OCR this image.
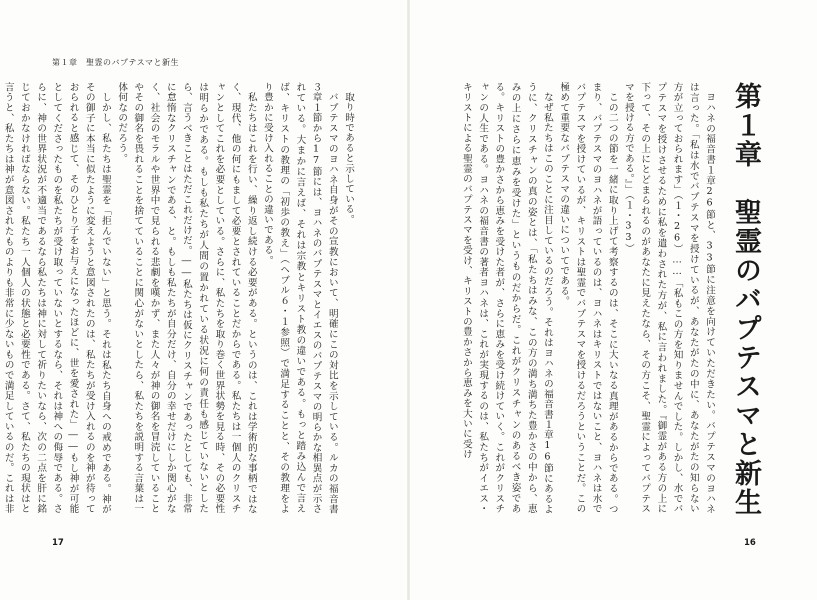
第１章　聖霊のバプテスマと新生

取り時であると示している。

バプテスマのヨハネ自身がその宣教において、明確にこの対比を示している。ルカの福音書３章１節から17節には、ヨハネのバプテスマとイエスのバプテスマの明らかな相異点が示されている。大まかに言えば、それは宗教とキリスト教の違いである。もっと踏み込んで言えば、キリストの教理の「初歩の教え」（ヘブル６・１参照）で満足することと、その教理をより豊かに受け入れることの違いである。

私たちはこれを行い、繰り返し続ける必要がある。というのは、これは学術的な事柄ではなく、現代、他の何にもまして必要とされていることだからである。私たちは一個人のクリスチャンとしてこれを必要としている。さらに、私たちを取り巻く世界状勢を見る時、その必要性は明らかである。もしも私たちが人間の置かれている状況に何の責任も感じていないとしたら、言うべきことはただこれだけだ。――私たちは仮にクリスチャンであったとしても、非常に怠惰なクリスチャンである、と。もしも私たちが自分だけ、自分の幸せだけにしか関心がなく、社会のモラルや世界中で見られる悲劇を嘆かず、また人々が神の御名を冒涜していることやその御名を畏れることを捨てていることに関心がないとしたら、私たちを説明する言葉は一体何なのだろう。

しかし、私たちは聖霊を「拒んでいない」と思う。それは私たち自身への戒めである。神がその御子に本当に似たように変えようと意図されたのは、私たちが受け入れるのを神が待っておられると感じて、そのひとり子をお与えになったほどに、世を愛された」――もし神が可能としてくださったものを私たちが受け取っていないとするなら、それは神への侮辱である。さらに、神の世界状況が不適当であるなら私たちは神に対して祈りたいなら、次の二点を肝に銘じておかなければならない。私たち一人個人の状態と必要性である。さて、私たちの現状はと言うと、私たちは神が意図されたものよりも非常に少ないもので満足しているのだ。これは非

17
第１章　聖霊のバプテスマと新生

ヨハネの福音書１章26節と、33節に注意を向けていただきたい。バプテスマのヨハネは言った。「私は水でバプテスマを授けているが、あなたがたの中に、あなたがたの知らない方が立っておられます」（１・26）……「私もこの方を知りませんでした。しかし、水でバプテスマを授けさせるために私を遣わされた方が、私に言われました。『御霊がある方の上に下って、その上にとどまられるのがあなたに見えたなら、その方こそ、聖霊によってバプテスマを授ける方である。』」（１・33）

この二つの節を一緒に取り上げて考察するのは、そこに大いなる真理があるからである。つまり、バプテスマのヨハネが語っているのは、ヨハネはキリストではないこと、ヨハネは水でバプテスマを授けているが、キリストは聖霊でバプテスマを授けるだろうということだ。この極めて重要なバプテスマの違いについてである。

なぜ私たちはこのことに注目しているのだろう。それはヨハネの福音書１章16節にあるように、クリスチャンの真の姿とは、「私たちはみな、この方の満ち満ちた豊かさの中から、恵みの上にさらに恵みを受けた」というものだからだ。これがクリスチャンのあるべき姿である。キリストの豊かさから恵みを受けた者が、さらに恵みを受け続けていく。これがクリスチャンの人生である。ヨハネの福音書の著者ヨハネは、これが実現するのは、私たちがイエス・キリストによる聖霊のバプテスマを受け、キリストの豊かさから恵みを大いに受け

16
